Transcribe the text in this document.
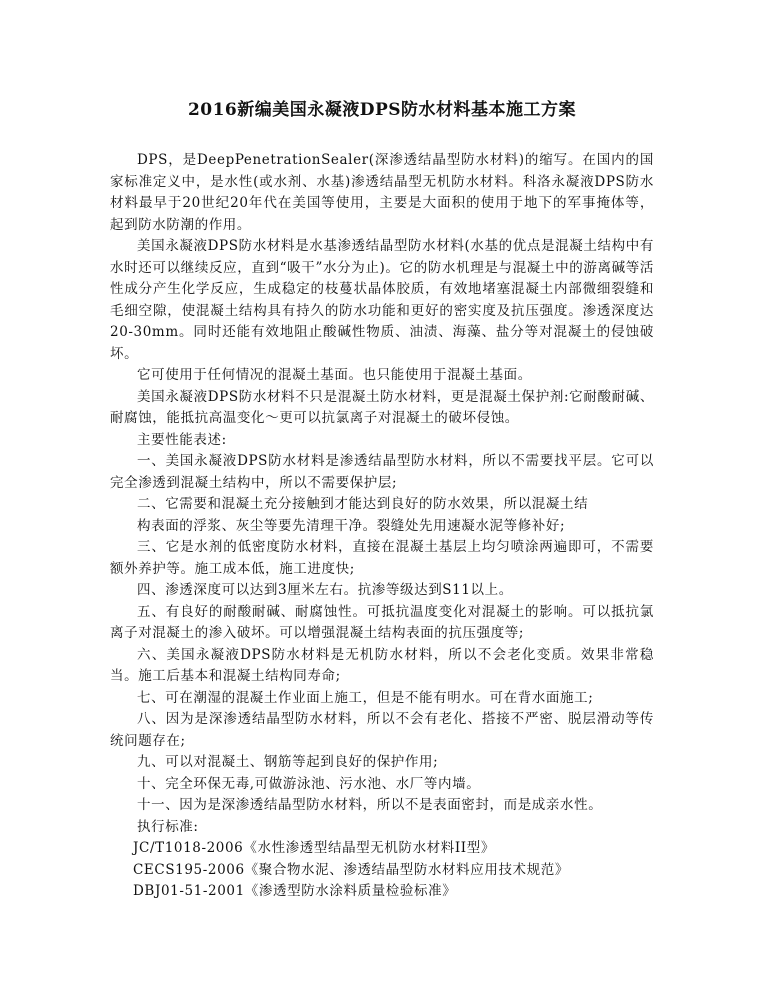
2016新编美国永凝液DPS防水材料基本施工方案

DPS，是DeepPenetrationSealer(深渗透结晶型防水材料)的缩写。在国内的国家标准定义中，是水性(或水剂、水基)渗透结晶型无机防水材料。科洛永凝液DPS防水材料最早于20世纪20年代在美国等使用，主要是大面积的使用于地下的军事掩体等，起到防水防潮的作用。

美国永凝液DPS防水材料是水基渗透结晶型防水材料(水基的优点是混凝土结构中有水时还可以继续反应，直到“吸干”水分为止)。它的防水机理是与混凝土中的游离碱等活性成分产生化学反应，生成稳定的枝蔓状晶体胶质，有效地堵塞混凝土内部微细裂缝和毛细空隙，使混凝土结构具有持久的防水功能和更好的密实度及抗压强度。渗透深度达20-30mm。同时还能有效地阻止酸碱性物质、油渍、海藻、盐分等对混凝土的侵蚀破坏。

它可使用于任何情况的混凝土基面。也只能使用于混凝土基面。

美国永凝液DPS防水材料不只是混凝土防水材料，更是混凝土保护剂:它耐酸耐碱、耐腐蚀，能抵抗高温变化～更可以抗氯离子对混凝土的破坏侵蚀。

主要性能表述:

一、美国永凝液DPS防水材料是渗透结晶型防水材料，所以不需要找平层。它可以完全渗透到混凝土结构中，所以不需要保护层;

二、它需要和混凝土充分接触到才能达到良好的防水效果，所以混凝土结

构表面的浮浆、灰尘等要先清理干净。裂缝处先用速凝水泥等修补好;

三、它是水剂的低密度防水材料，直接在混凝土基层上均匀喷涂两遍即可，不需要额外养护等。施工成本低，施工进度快;

四、渗透深度可以达到3厘米左右。抗渗等级达到S11以上。

五、有良好的耐酸耐碱、耐腐蚀性。可抵抗温度变化对混凝土的影响。可以抵抗氯离子对混凝土的渗入破坏。可以增强混凝土结构表面的抗压强度等;

六、美国永凝液DPS防水材料是无机防水材料，所以不会老化变质。效果非常稳当。施工后基本和混凝土结构同寿命;

七、可在潮湿的混凝土作业面上施工，但是不能有明水。可在背水面施工;

八、因为是深渗透结晶型防水材料，所以不会有老化、搭接不严密、脱层滑动等传统问题存在;

九、可以对混凝土、钢筋等起到良好的保护作用;

十、完全环保无毒,可做游泳池、污水池、水厂等内墙。

十一、因为是深渗透结晶型防水材料，所以不是表面密封，而是成亲水性。

执行标准:

JC/T1018-2006《水性渗透型结晶型无机防水材料II型》

CECS195-2006《聚合物水泥、渗透结晶型防水材料应用技术规范》

DBJ01-51-2001《渗透型防水涂料质量检验标准》
